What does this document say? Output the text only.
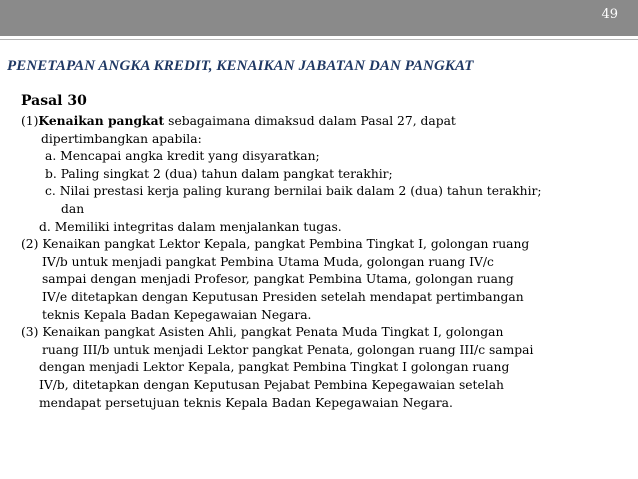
49
PENETAPAN ANGKA KREDIT, KENAIKAN JABATAN DAN PANGKAT
Pasal 30
(1)Kenaikan pangkat sebagaimana dimaksud dalam Pasal 27, dapat
dipertimbangkan apabila:
a. Mencapai angka kredit yang disyaratkan;
b. Paling singkat 2 (dua) tahun dalam pangkat terakhir;
c. Nilai prestasi kerja paling kurang bernilai baik dalam 2 (dua) tahun terakhir;
dan
d. Memiliki integritas dalam menjalankan tugas.
(2) Kenaikan pangkat Lektor Kepala, pangkat Pembina Tingkat I, golongan ruang
IV/b untuk menjadi pangkat Pembina Utama Muda, golongan ruang IV/c
sampai dengan menjadi Profesor, pangkat Pembina Utama, golongan ruang
IV/e ditetapkan dengan Keputusan Presiden setelah mendapat pertimbangan
teknis Kepala Badan Kepegawaian Negara.
(3) Kenaikan pangkat Asisten Ahli, pangkat Penata Muda Tingkat I, golongan
ruang III/b untuk menjadi Lektor pangkat Penata, golongan ruang III/c sampai
dengan menjadi Lektor Kepala, pangkat Pembina Tingkat I golongan ruang
IV/b, ditetapkan dengan Keputusan Pejabat Pembina Kepegawaian setelah
mendapat persetujuan teknis Kepala Badan Kepegawaian Negara.
